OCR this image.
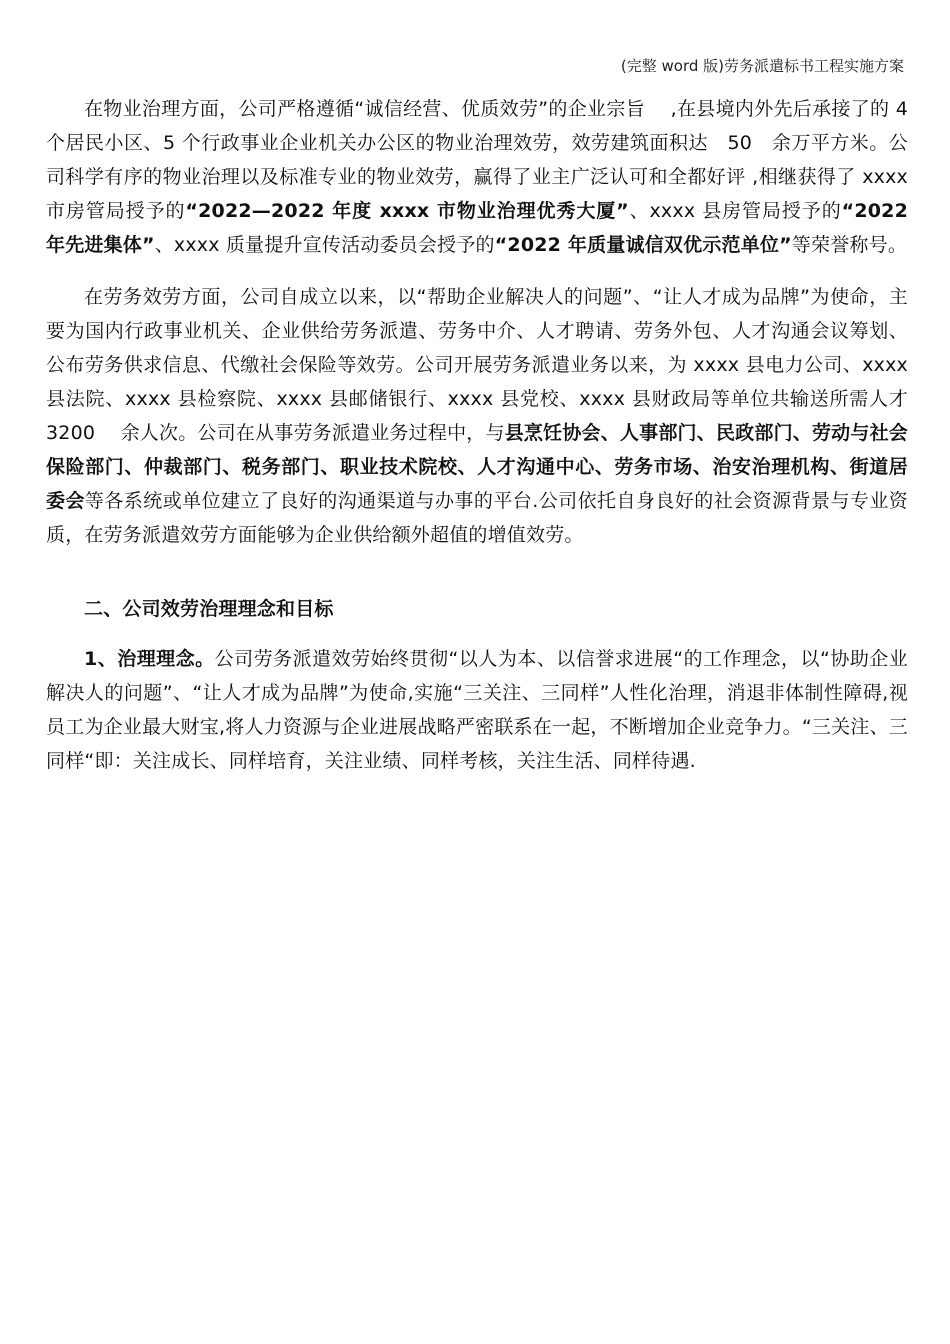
(完整 word 版)劳务派遣标书工程实施方案

在物业治理方面，公司严格遵循“诚信经营、优质效劳”的企业宗旨　 ,在县境内外先后承接了的 4 个居民小区、5 个行政事业企业机关办公区的物业治理效劳，效劳建筑面积达　50　余万平方米。公司科学有序的物业治理以及标准专业的物业效劳，赢得了业主广泛认可和全都好评 ,相继获得了 xxxx 市房管局授予的“2022—2022 年度 xxxx 市物业治理优秀大厦”、xxxx 县房管局授予的“2022 年先进集体”、xxxx 质量提升宣传活动委员会授予的“2022 年质量诚信双优示范单位”等荣誉称号。

在劳务效劳方面，公司自成立以来，以“帮助企业解决人的问题”、“让人才成为品牌”为使命，主要为国内行政事业机关、企业供给劳务派遣、劳务中介、人才聘请、劳务外包、人才沟通会议筹划、公布劳务供求信息、代缴社会保险等效劳。公司开展劳务派遣业务以来，为 xxxx 县电力公司、xxxx 县法院、xxxx 县检察院、xxxx 县邮储银行、xxxx 县党校、xxxx 县财政局等单位共输送所需人才　3200　 余人次。公司在从事劳务派遣业务过程中，与县烹饪协会、人事部门、民政部门、劳动与社会保险部门、仲裁部门、税务部门、职业技术院校、人才沟通中心、劳务市场、治安治理机构、街道居委会等各系统或单位建立了良好的沟通渠道与办事的平台.公司依托自身良好的社会资源背景与专业资质，在劳务派遣效劳方面能够为企业供给额外超值的增值效劳。

二、公司效劳治理理念和目标

1、治理理念。公司劳务派遣效劳始终贯彻“以人为本、以信誉求进展“的工作理念，以“协助企业解决人的问题”、“让人才成为品牌”为使命,实施“三关注、三同样”人性化治理，消退非体制性障碍,视员工为企业最大财宝,将人力资源与企业进展战略严密联系在一起，不断增加企业竞争力。“三关注、三同样“即：关注成长、同样培育，关注业绩、同样考核，关注生活、同样待遇.
